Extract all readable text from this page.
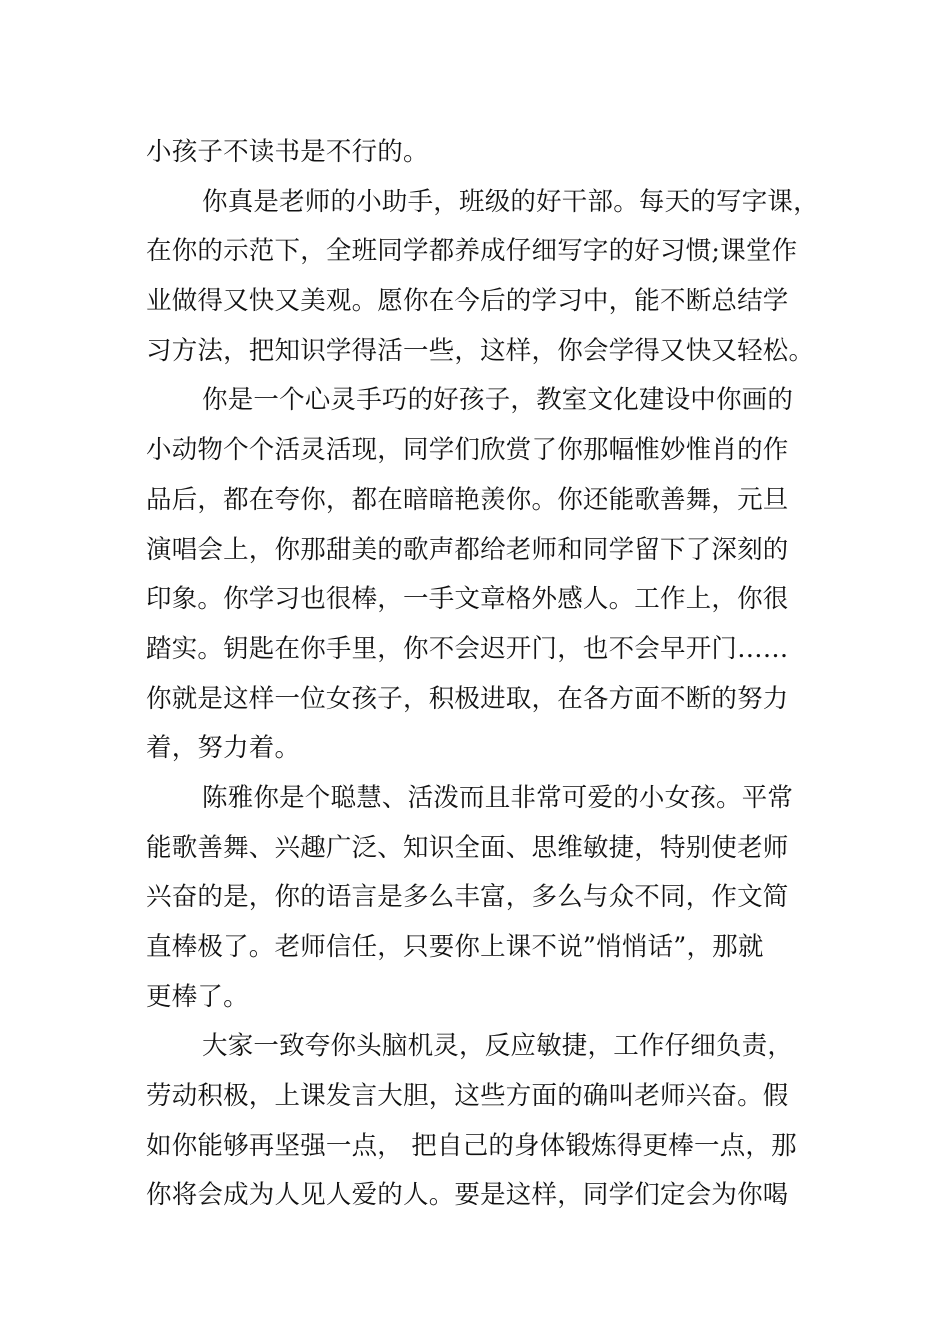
小孩子不读书是不行的。
你真是老师的小助手，班级的好干部。每天的写字课，
在你的示范下，全班同学都养成仔细写字的好习惯;课堂作
业做得又快又美观。愿你在今后的学习中，能不断总结学
习方法，把知识学得活一些，这样，你会学得又快又轻松。
你是一个心灵手巧的好孩子，教室文化建设中你画的
小动物个个活灵活现，同学们欣赏了你那幅惟妙惟肖的作
品后，都在夸你，都在暗暗艳羡你。你还能歌善舞，元旦
演唱会上，你那甜美的歌声都给老师和同学留下了深刻的
印象。你学习也很棒，一手文章格外感人。工作上，你很
踏实。钥匙在你手里，你不会迟开门，也不会早开门……
你就是这样一位女孩子，积极进取，在各方面不断的努力
着，努力着。
陈雅你是个聪慧、活泼而且非常可爱的小女孩。平常
能歌善舞、兴趣广泛、知识全面、思维敏捷，特别使老师
兴奋的是，你的语言是多么丰富，多么与众不同，作文简
直棒极了。老师信任，只要你上课不说”悄悄话”，那就
更棒了。
大家一致夸你头脑机灵，反应敏捷，工作仔细负责，
劳动积极，上课发言大胆，这些方面的确叫老师兴奋。假
如你能够再坚强一点， 把自己的身体锻炼得更棒一点，那
你将会成为人见人爱的人。要是这样，同学们定会为你喝
